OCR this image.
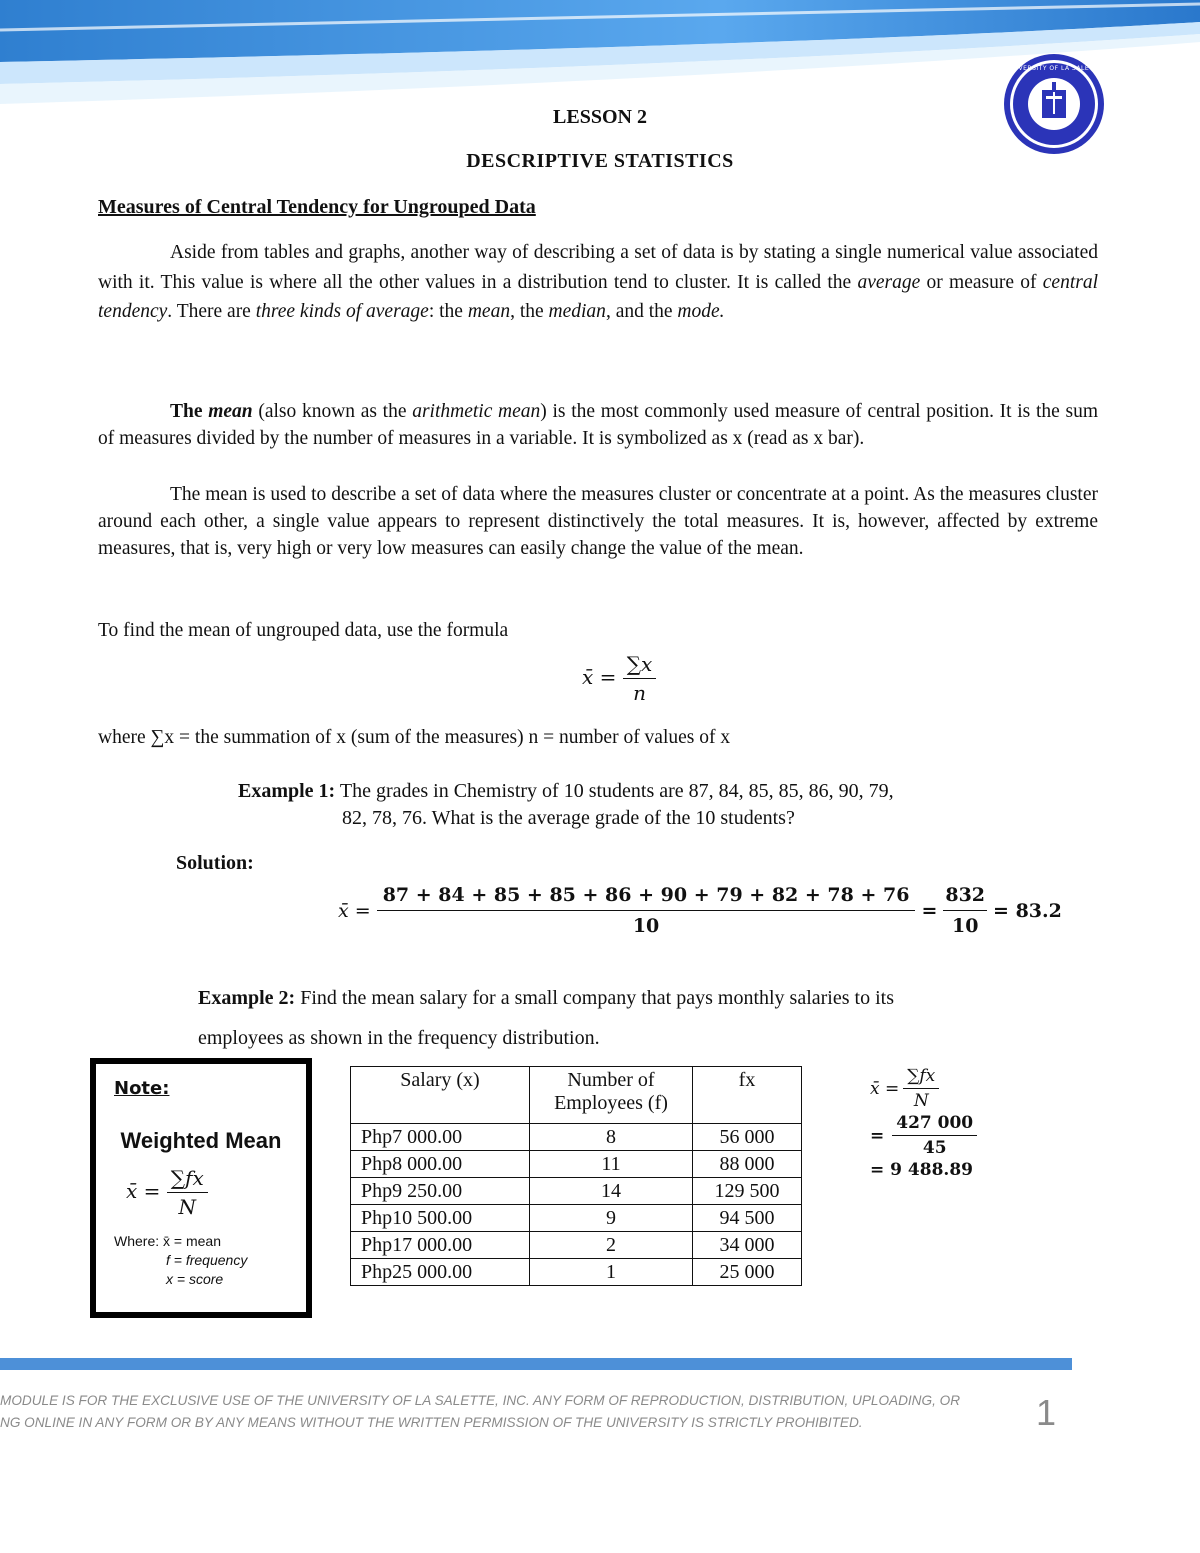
UNIVERSITY OF LA SALETTE
LESSON 2
DESCRIPTIVE STATISTICS
Measures of Central Tendency for Ungrouped Data
Aside from tables and graphs, another way of describing a set of data is by stating a single numerical value associated with it. This value is where all the other values in a distribution tend to cluster. It is called the average or measure of central tendency. There are three kinds of average: the mean, the median, and the mode.
The mean (also known as the arithmetic mean) is the most commonly used measure of central position. It is the sum of measures divided by the number of measures in a variable. It is symbolized as x (read as x bar).
The mean is used to describe a set of data where the measures cluster or concentrate at a point. As the measures cluster around each other, a single value appears to represent distinctively the total measures. It is, however, affected by extreme measures, that is, very high or very low measures can easily change the value of the mean.
To find the mean of ungrouped data, use the formula
x̄ = $\frac{\sum x}{n}$
where ∑x = the summation of x (sum of the measures) n = number of values of x
Example 1: The grades in Chemistry of 10 students are 87, 84, 85, 85, 86, 90, 79,
82, 78, 76. What is the average grade of the 10 students?
Solution:
x̄ = $\frac{87 + 84 + 85 + 85 + 86 + 90 + 79 + 82 + 78 + 76}{10} = \frac{832}{10} = 83.2$
Example 2: Find the mean salary for a small company that pays monthly salaries to its
employees as shown in the frequency distribution.
Note:
Weighted Mean
x̄ = $\frac{\sum fx}{N}$
Where: x̄ = mean
f = frequency
x = score
Salary (x)	Number of Employees (f)	fx
Php7 000.00	8	56 000
Php8 000.00	11	88 000
Php9 250.00	14	129 500
Php10 500.00	9	94 500
Php17 000.00	2	34 000
Php25 000.00	1	25 000
x̄ = $\frac{\sum fx}{N}$
= $\frac{427 000}{45}$
= 9 488.89
MODULE IS FOR THE EXCLUSIVE USE OF THE UNIVERSITY OF LA SALETTE, INC. ANY FORM OF REPRODUCTION, DISTRIBUTION, UPLOADING, OR
NG ONLINE IN ANY FORM OR BY ANY MEANS WITHOUT THE WRITTEN PERMISSION OF THE UNIVERSITY IS STRICTLY PROHIBITED.	1
